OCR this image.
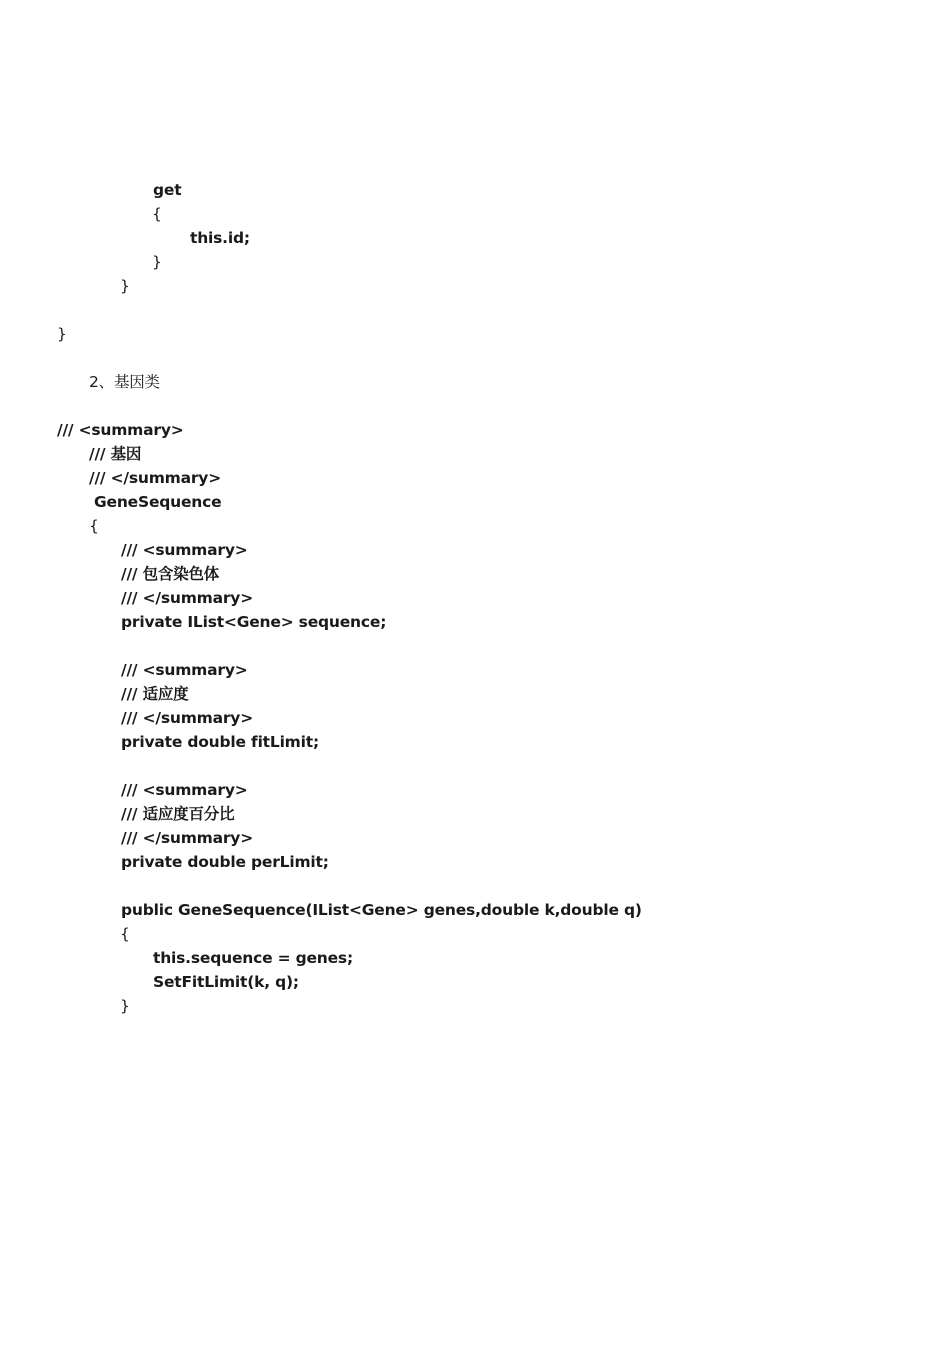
get
{
this.id;
}
}
}
2、基因类
/// <summary>
/// 基因
/// </summary>
GeneSequence
{
/// <summary>
/// 包含染色体
/// </summary>
private IList<Gene> sequence;
/// <summary>
/// 适应度
/// </summary>
private double fitLimit;
/// <summary>
/// 适应度百分比
/// </summary>
private double perLimit;
public GeneSequence(IList<Gene> genes,double k,double q)
{
this.sequence = genes;
SetFitLimit(k, q);
}
